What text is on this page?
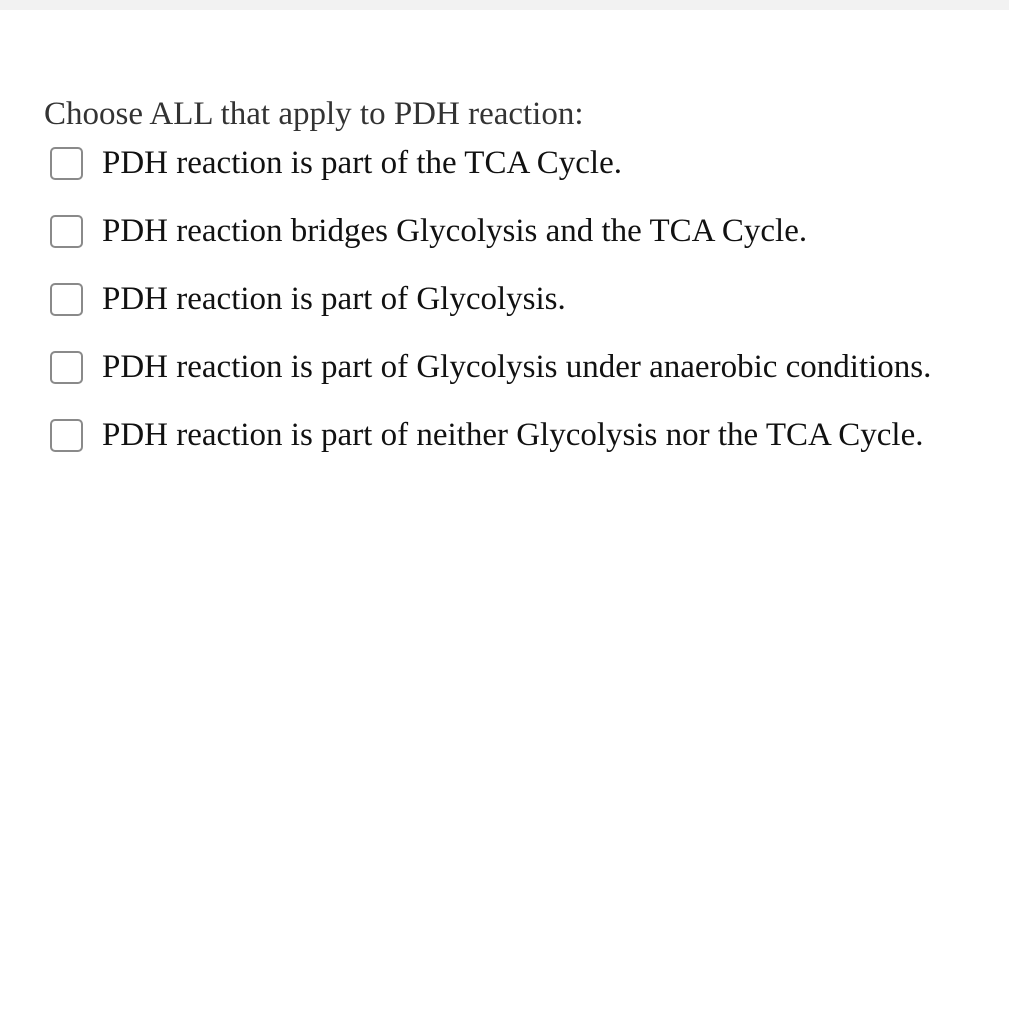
Choose ALL that apply to PDH reaction:
PDH reaction is part of the TCA Cycle.
PDH reaction bridges Glycolysis and the TCA Cycle.
PDH reaction is part of Glycolysis.
PDH reaction is part of Glycolysis under anaerobic conditions.
PDH reaction is part of neither Glycolysis nor the TCA Cycle.
